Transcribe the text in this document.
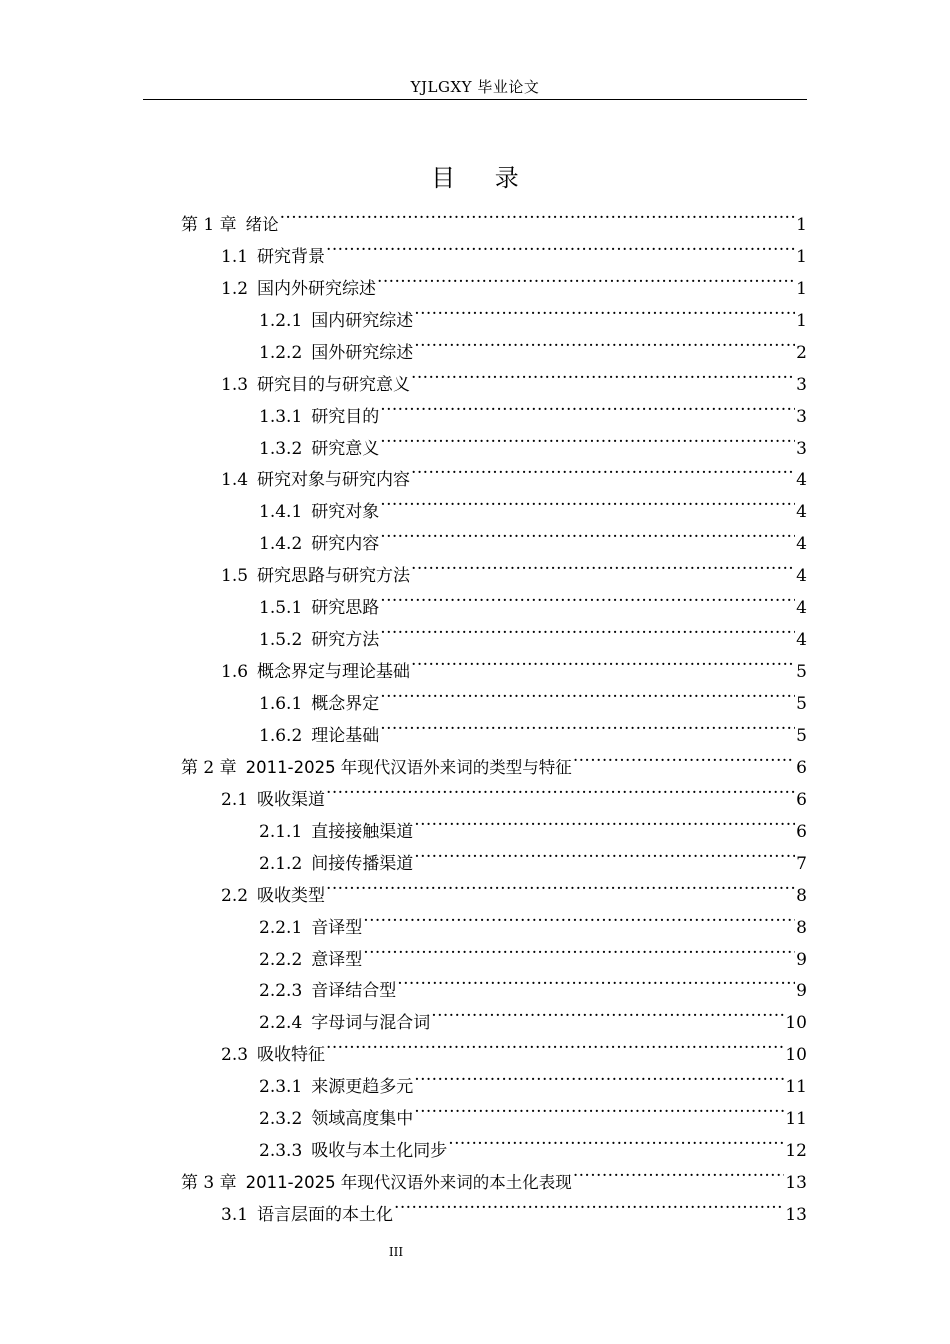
YJLGXY 毕业论文
目 录
第 1 章 绪论 .....	1
1.1 研究背景 .....	1
1.2 国内外研究综述 .....	1
1.2.1 国内研究综述 .....	1
1.2.2 国外研究综述 .....	2
1.3 研究目的与研究意义 .....	3
1.3.1 研究目的 .....	3
1.3.2 研究意义 .....	3
1.4 研究对象与研究内容 .....	4
1.4.1 研究对象 .....	4
1.4.2 研究内容 .....	4
1.5 研究思路与研究方法 .....	4
1.5.1 研究思路 .....	4
1.5.2 研究方法 .....	4
1.6 概念界定与理论基础 .....	5
1.6.1 概念界定 .....	5
1.6.2 理论基础 .....	5
第 2 章 2011-2025 年现代汉语外来词的类型与特征 .....	6
2.1 吸收渠道 .....	6
2.1.1 直接接触渠道 .....	6
2.1.2 间接传播渠道 .....	7
2.2 吸收类型 .....	8
2.2.1 音译型 .....	8
2.2.2 意译型 .....	9
2.2.3 音译结合型 .....	9
2.2.4 字母词与混合词 .....	10
2.3 吸收特征 .....	10
2.3.1 来源更趋多元 .....	11
2.3.2 领域高度集中 .....	11
2.3.3 吸收与本土化同步 .....	12
第 3 章 2011-2025 年现代汉语外来词的本土化表现 .....	13
3.1 语言层面的本土化 .....	13
III
